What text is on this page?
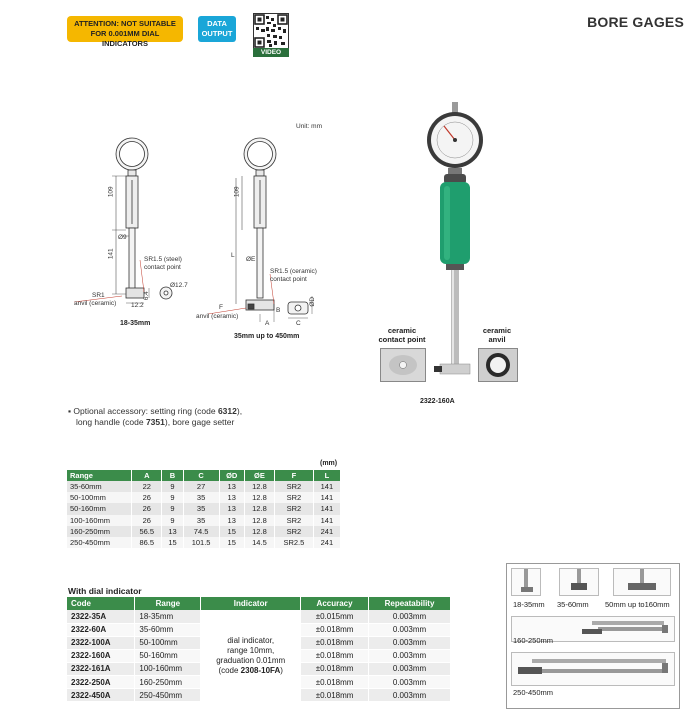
ATTENTION: NOT SUITABLE
FOR 0.001MM DIAL INDICATORS
DATA
OUTPUT
VIDEO
BORE GAGES
Unit: mm
109
141
Ø9
SR1.5 (steel)
contact point
SR1
anvil (ceramic) 12.2
6.4
Ø12.7
18-35mm
109
L
ØE
SR1.5 (ceramic)
contact point
F
anvil (ceramic)
B
A	C
ØD
35mm up to 450mm
ceramic
contact point
ceramic
anvil
2322-160A
▪ Optional accessory: setting ring (code 6312),
long handle (code 7351), bore gage setter
(mm)
Range	A	B	C	ØD	ØE	F	L
35-60mm	22	9	27	13	12.8	SR2	141
50-100mm	26	9	35	13	12.8	SR2	141
50-160mm	26	9	35	13	12.8	SR2	141
100-160mm	26	9	35	13	12.8	SR2	141
160-250mm	56.5	13	74.5	15	12.8	SR2	241
250-450mm	86.5	15	101.5	15	14.5	SR2.5	241
With dial indicator
Code	Range	Indicator	Accuracy	Repeatability
2322-35A	18-35mm	dial indicator,
range 10mm,
graduation 0.01mm
(code 2308-10FA)	±0.015mm	0.003mm
2322-60A	35-60mm		±0.018mm	0.003mm
2322-100A	50-100mm		±0.018mm	0.003mm
2322-160A	50-160mm		±0.018mm	0.003mm
2322-161A	100-160mm		±0.018mm	0.003mm
2322-250A	160-250mm		±0.018mm	0.003mm
2322-450A	250-450mm		±0.018mm	0.003mm
18-35mm 35-60mm 50mm up to160mm
160-250mm
250-450mm
